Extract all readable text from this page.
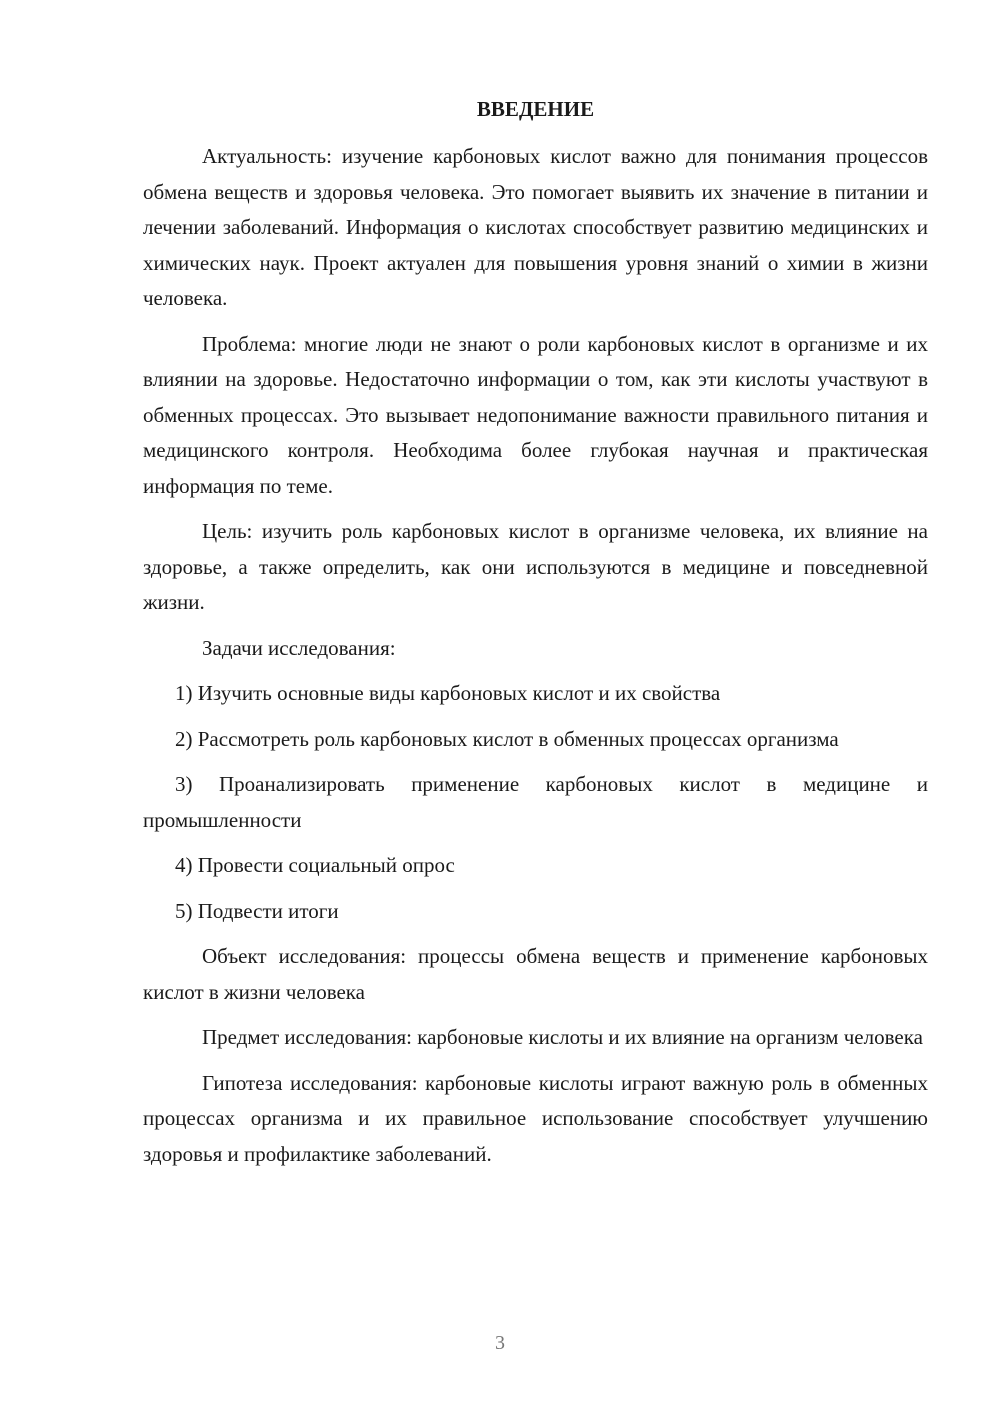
ВВЕДЕНИЕ

Актуальность: изучение карбоновых кислот важно для понимания процессов обмена веществ и здоровья человека. Это помогает выявить их значение в питании и лечении заболеваний. Информация о кислотах способствует развитию медицинских и химических наук. Проект актуален для повышения уровня знаний о химии в жизни человека.

Проблема: многие люди не знают о роли карбоновых кислот в организме и их влиянии на здоровье. Недостаточно информации о том, как эти кислоты участвуют в обменных процессах. Это вызывает недопонимание важности правильного питания и медицинского контроля. Необходима более глубокая научная и практическая информация по теме.

Цель: изучить роль карбоновых кислот в организме человека, их влияние на здоровье, а также определить, как они используются в медицине и повседневной жизни.

Задачи исследования:

1) Изучить основные виды карбоновых кислот и их свойства

2) Рассмотреть роль карбоновых кислот в обменных процессах организма

3) Проанализировать применение карбоновых кислот в медицине и промышленности

4) Провести социальный опрос

5) Подвести итоги

Объект исследования: процессы обмена веществ и применение карбоновых кислот в жизни человека

Предмет исследования: карбоновые кислоты и их влияние на организм человека

Гипотеза исследования: карбоновые кислоты играют важную роль в обменных процессах организма и их правильное использование способствует улучшению здоровья и профилактике заболеваний.

3
